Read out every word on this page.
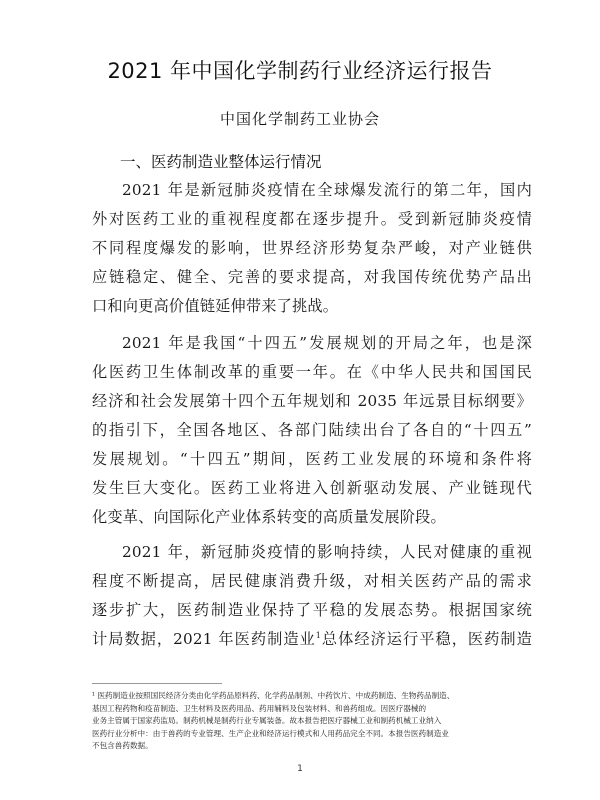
2021 年中国化学制药行业经济运行报告
中国化学制药工业协会
一、医药制造业整体运行情况
2021 年是新冠肺炎疫情在全球爆发流行的第二年，国内
外对医药工业的重视程度都在逐步提升。受到新冠肺炎疫情
不同程度爆发的影响，世界经济形势复杂严峻，对产业链供
应链稳定、健全、完善的要求提高，对我国传统优势产品出
口和向更高价值链延伸带来了挑战。
2021 年是我国“十四五”发展规划的开局之年，也是深
化医药卫生体制改革的重要一年。在《中华人民共和国国民
经济和社会发展第十四个五年规划和 2035 年远景目标纲要》
的指引下，全国各地区、各部门陆续出台了各自的“十四五”
发展规划。“十四五”期间，医药工业发展的环境和条件将
发生巨大变化。医药工业将进入创新驱动发展、产业链现代
化变革、向国际化产业体系转变的高质量发展阶段。
2021 年，新冠肺炎疫情的影响持续，人民对健康的重视
程度不断提高，居民健康消费升级，对相关医药产品的需求
逐步扩大，医药制造业保持了平稳的发展态势。根据国家统
计局数据，2021 年医药制造业$^1$总体经济运行平稳，医药制造
¹ 医药制造业按照国民经济分类由化学药品原料药、化学药品制剂、中药饮片、中成药制造、生物药品制造、
基因工程药物和疫苗制造、卫生材料及医药用品、药用辅料及包装材料、和兽药组成。因医疗器械的
业务主管属于国家药监局。制药机械是制药行业专属装备。故本报告把医疗器械工业和制药机械工业纳入
医药行业分析中：由于兽药的专业管理、生产企业和经济运行模式和人用药品完全不同。本报告医药制造业
不包含兽药数据。
1
